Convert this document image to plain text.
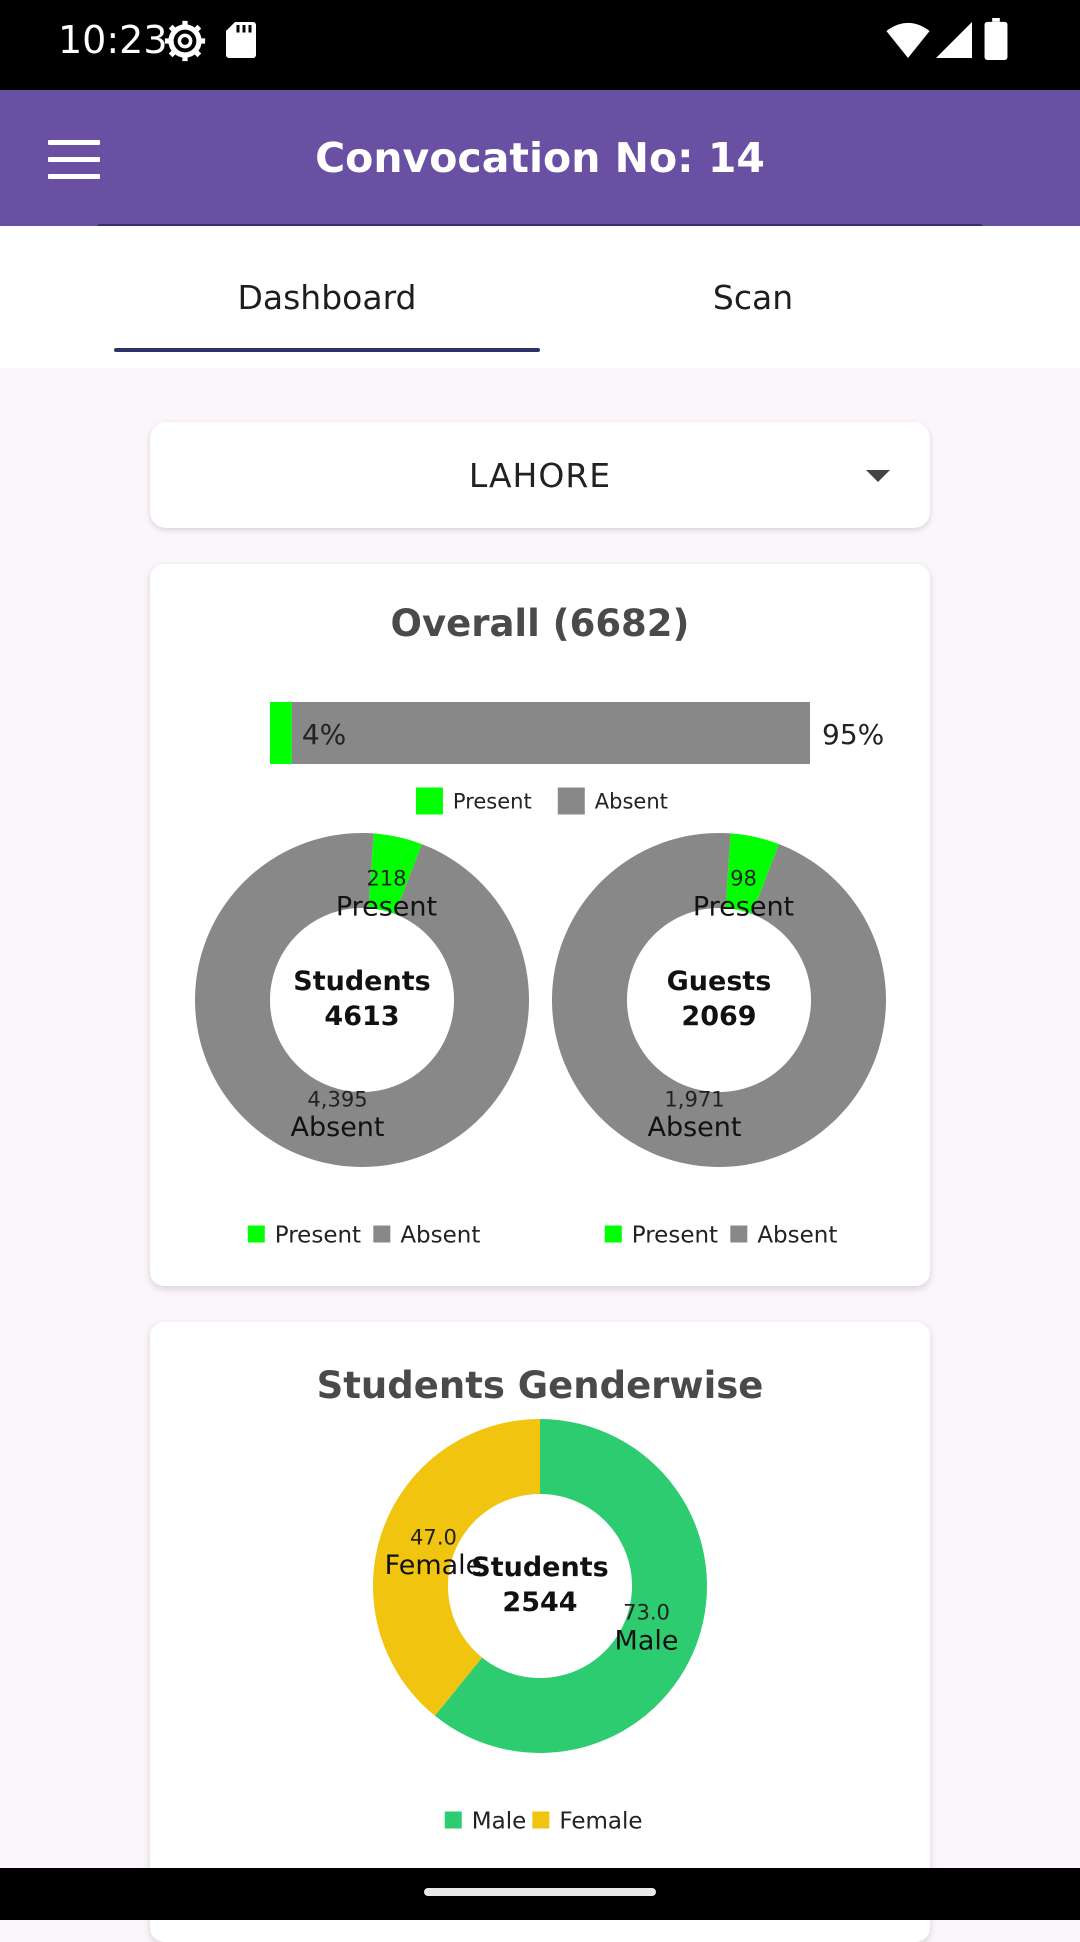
10:23
Convocation No: 14
Dashboard	Scan
LAHORE
Overall (6682)
4%	95%
Present	Absent
Students
4613
218
Present
4,395
Absent
Guests
2069
98
Present
1,971
Absent
Present Absent	Present Absent
Students Genderwise
Students
2544 73.0
Male
47.0
Female
Male Female
